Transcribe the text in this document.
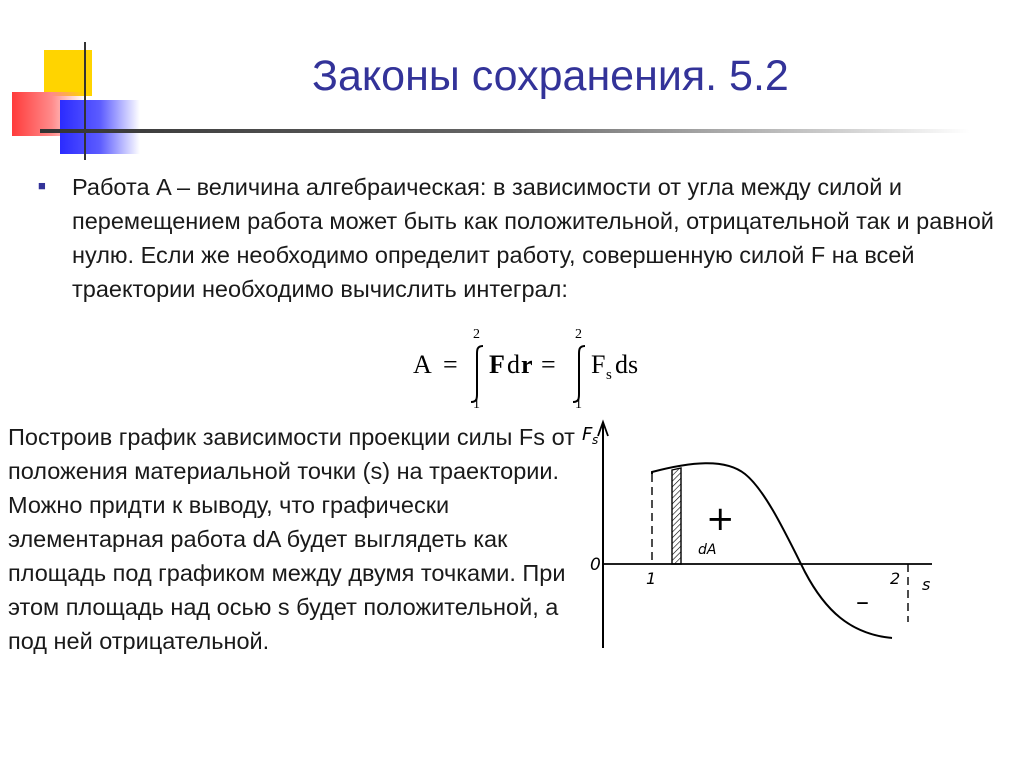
Законы сохранения. 5.2
■ Работа A – величина алгебраическая: в зависимости от угла между силой и перемещением работа может быть как положительной, отрицательной так и равной нулю. Если же необходимо определит работу, совершенную силой F на всей траектории необходимо вычислить интеграл:

A =
2
1
F d r =
2
1
F s ds

Построив график зависимости проекции силы Fs от положения материальной точки (s) на траектории. Можно придти к выводу, что графически элементарная работа dA будет выглядеть как площадь под графиком между двумя точками. При этом площадь над осью s будет положительной, а под ней отрицательной.

F s
0
1	2 s
dA
+
–
